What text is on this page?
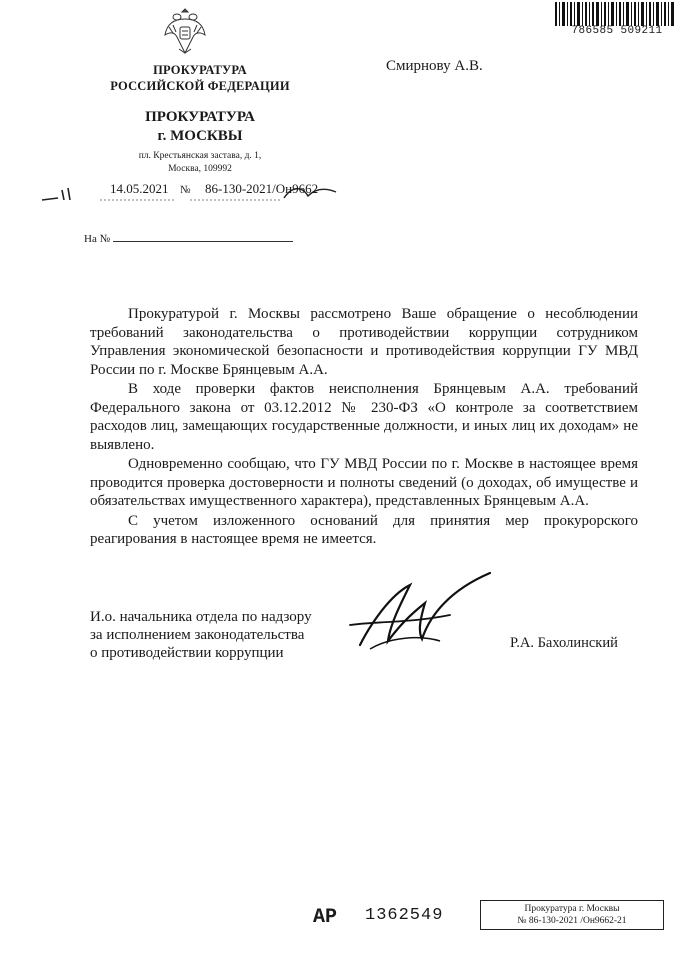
ПРОКУРАТУРА
РОССИЙСКОЙ ФЕДЕРАЦИИ
ПРОКУРАТУРА
г. МОСКВЫ
пл. Крестьянская застава, д. 1,
Москва, 109992
Смирнову А.В.
786585 509211
14.05.2021 № 86-130-2021/Он9662
На №

Прокуратурой г. Москвы рассмотрено Ваше обращение о несоблюдении требований законодательства о противодействии коррупции сотрудником Управления экономической безопасности и противодействия коррупции ГУ МВД России по г. Москве Брянцевым А.А.

В ходе проверки фактов неисполнения Брянцевым А.А. требований Федерального закона от 03.12.2012 № 230-ФЗ «О контроле за соответствием расходов лиц, замещающих государственные должности, и иных лиц их доходам» не выявлено.

Одновременно сообщаю, что ГУ МВД России по г. Москве в настоящее время проводится проверка достоверности и полноты сведений (о доходах, об имуществе и обязательствах имущественного характера), представленных Брянцевым А.А.

С учетом изложенного оснований для принятия мер прокурорского реагирования в настоящее время не имеется.

И.о. начальника отдела по надзору
за исполнением законодательства
о противодействии коррупции
Р.А. Бахолинский
АР 1362549	Прокуратура г. Москвы
№ 86-130-2021 /Он9662-21
